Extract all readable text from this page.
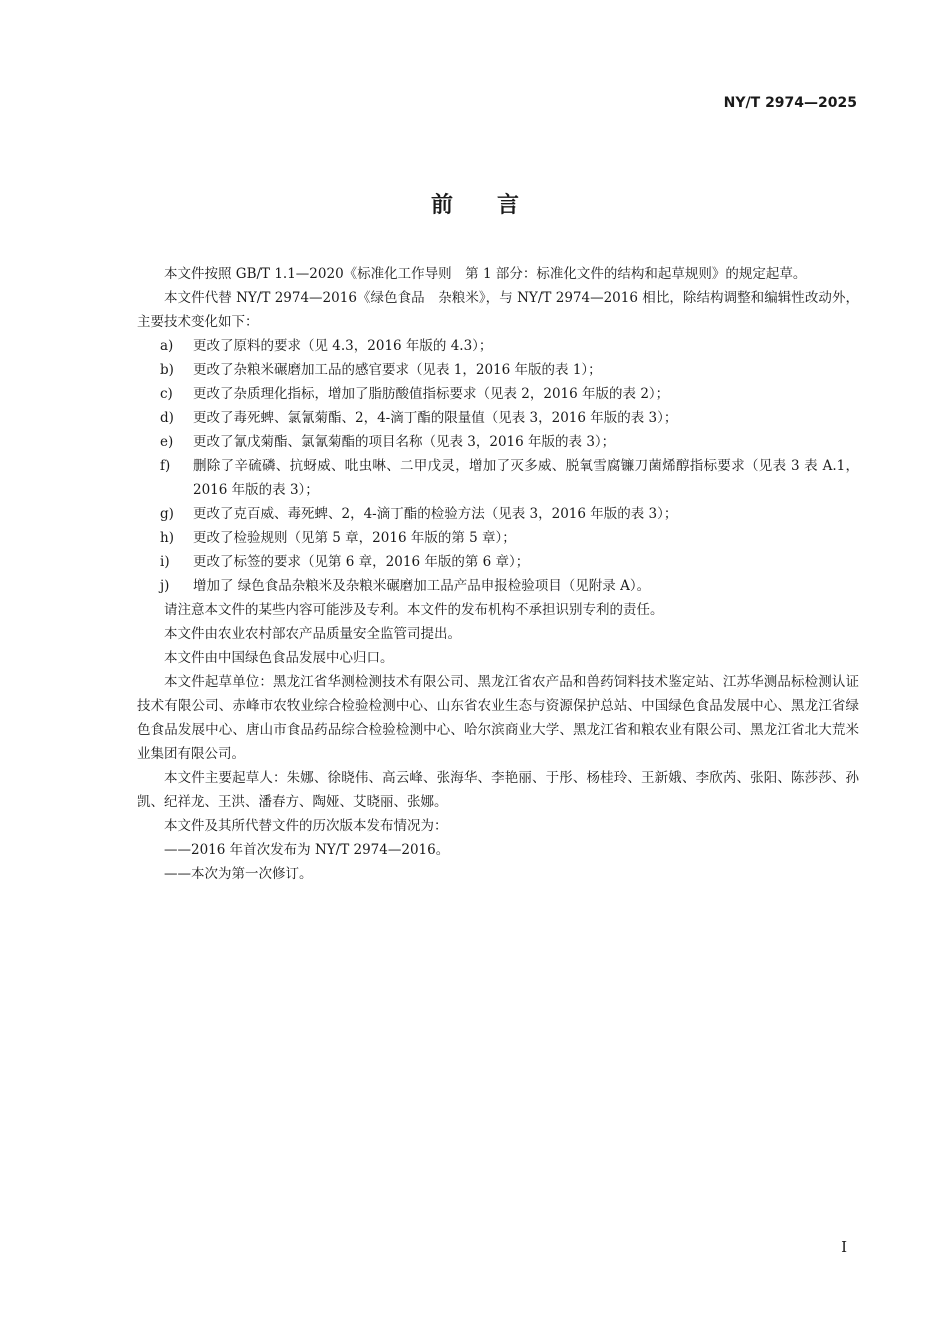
NY/T 2974—2025
前言

本文件按照 GB/T 1.1—2020《标准化工作导则　第 1 部分：标准化文件的结构和起草规则》的规定起草。

本文件代替 NY/T 2974—2016《绿色食品　杂粮米》，与 NY/T 2974—2016 相比，除结构调整和编辑性改动外，主要技术变化如下：

a)	更改了原料的要求（见 4.3，2016 年版的 4.3）；
b)	更改了杂粮米碾磨加工品的感官要求（见表 1，2016 年版的表 1）；
c)	更改了杂质理化指标，增加了脂肪酸值指标要求（见表 2，2016 年版的表 2）；
d)	更改了毒死蜱、氯氰菊酯、2，4-滴丁酯的限量值（见表 3，2016 年版的表 3）；
e)	更改了氰戊菊酯、氯氰菊酯的项目名称（见表 3，2016 年版的表 3）；
f)	删除了辛硫磷、抗蚜威、吡虫啉、二甲戊灵，增加了灭多威、脱氧雪腐镰刀菌烯醇指标要求（见表 3 表 A.1，2016 年版的表 3）；
g)	更改了克百威、毒死蜱、2，4-滴丁酯的检验方法（见表 3，2016 年版的表 3）；
h)	更改了检验规则（见第 5 章，2016 年版的第 5 章）；
i)	更改了标签的要求（见第 6 章，2016 年版的第 6 章）；
j)	增加了 绿色食品杂粮米及杂粮米碾磨加工品产品申报检验项目（见附录 A）。

请注意本文件的某些内容可能涉及专利。本文件的发布机构不承担识别专利的责任。

本文件由农业农村部农产品质量安全监管司提出。

本文件由中国绿色食品发展中心归口。

本文件起草单位：黑龙江省华测检测技术有限公司、黑龙江省农产品和兽药饲料技术鉴定站、江苏华测品标检测认证技术有限公司、赤峰市农牧业综合检验检测中心、山东省农业生态与资源保护总站、中国绿色食品发展中心、黑龙江省绿色食品发展中心、唐山市食品药品综合检验检测中心、哈尔滨商业大学、黑龙江省和粮农业有限公司、黑龙江省北大荒米业集团有限公司。

本文件主要起草人：朱娜、徐晓伟、高云峰、张海华、李艳丽、于彤、杨桂玲、王新娥、李欣芮、张阳、陈莎莎、孙凯、纪祥龙、王洪、潘春方、陶娅、艾晓丽、张娜。

本文件及其所代替文件的历次版本发布情况为：

——2016 年首次发布为 NY/T 2974—2016。

——本次为第一次修订。

I
